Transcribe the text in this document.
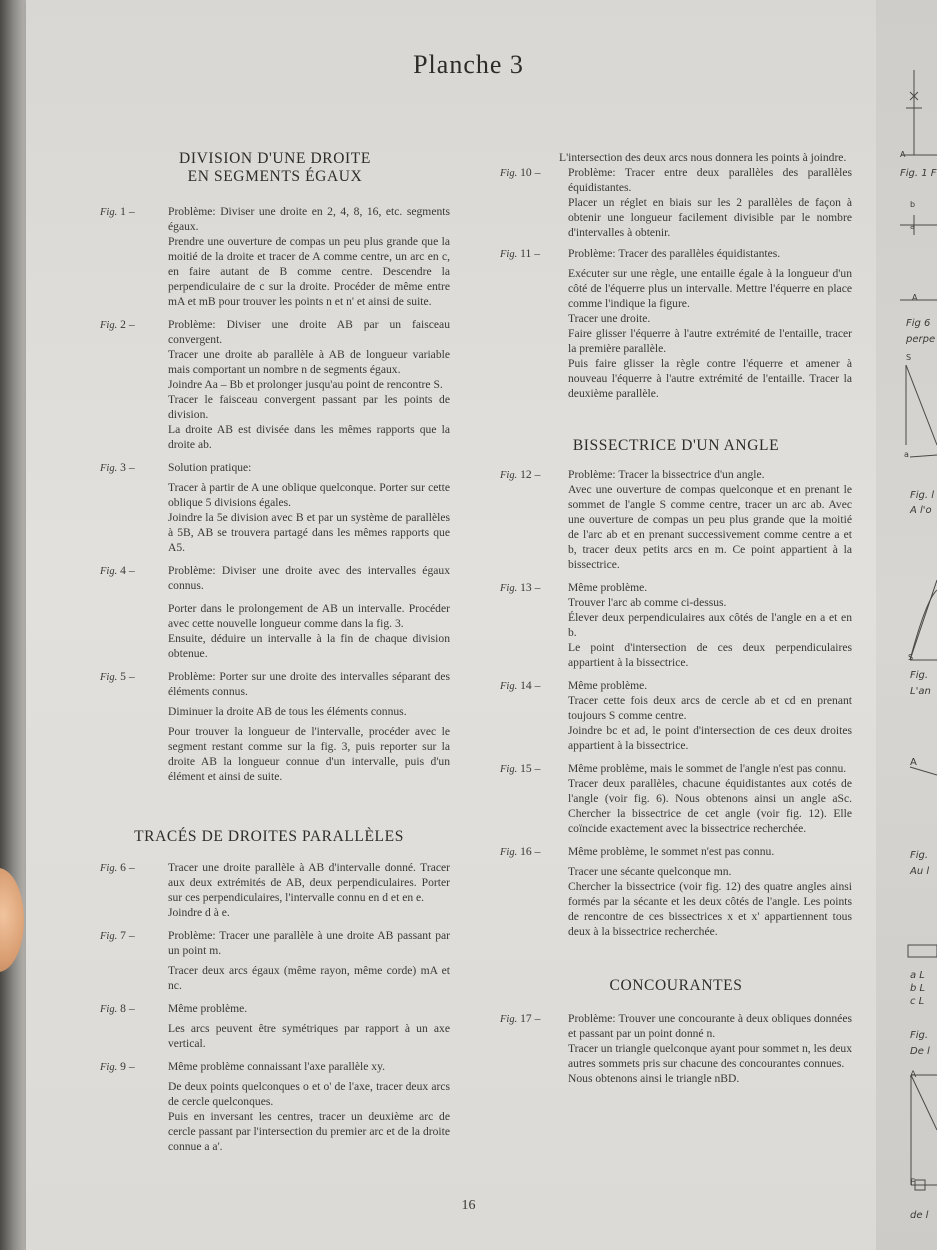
Fig. 1 F
Fig 6
perpe
Fig. l
A l'o
Fig.
L'an
Fig.
Au l
a L
b L
c L
Fig.
De l
de l
A
b
a
A
S
a
S
A
A
F
Planche 3
DIVISION D'UNE DROITE
EN SEGMENTS ÉGAUX
Fig. 1 –	Problème: Diviser une droite en 2, 4, 8, 16, etc. segments égaux.

Prendre une ouverture de compas un peu plus grande que la moitié de la droite et tracer de A comme centre, un arc en c, en faire autant de B comme centre. Descendre la perpendiculaire de c sur la droite. Procéder de même entre mA et mB pour trouver les points n et n' et ainsi de suite.

Fig. 2 –	Problème: Diviser une droite AB par un faisceau convergent.

Tracer une droite ab parallèle à AB de longueur variable mais comportant un nombre n de segments égaux.

Joindre Aa – Bb et prolonger jusqu'au point de rencontre S.

Tracer le faisceau convergent passant par les points de division.

La droite AB est divisée dans les mêmes rapports que la droite ab.

Fig. 3 –	Solution pratique:

Tracer à partir de A une oblique quelconque. Porter sur cette oblique 5 divisions égales.

Joindre la 5e division avec B et par un système de parallèles à 5B, AB se trouvera partagé dans les mêmes rapports que A5.

Fig. 4 –	Problème: Diviser une droite avec des intervalles égaux connus.

Porter dans le prolongement de AB un intervalle. Procéder avec cette nouvelle longueur comme dans la fig. 3.

Ensuite, déduire un intervalle à la fin de chaque division obtenue.

Fig. 5 –	Problème: Porter sur une droite des intervalles séparant des éléments connus.

Diminuer la droite AB de tous les éléments connus.

Pour trouver la longueur de l'intervalle, procéder avec le segment restant comme sur la fig. 3, puis reporter sur la droite AB la longueur connue d'un intervalle, puis d'un élément et ainsi de suite.

TRACÉS DE DROITES PARALLÈLES
Fig. 6 –	Tracer une droite parallèle à AB d'intervalle donné. Tracer aux deux extrémités de AB, deux perpendiculaires. Porter sur ces perpendiculaires, l'intervalle connu en d et en e.

Joindre d à e.

Fig. 7 –	Problème: Tracer une parallèle à une droite AB passant par un point m.

Tracer deux arcs égaux (même rayon, même corde) mA et nc.

Fig. 8 –	Même problème.

Les arcs peuvent être symétriques par rapport à un axe vertical.

Fig. 9 –	Même problème connaissant l'axe parallèle xy.

De deux points quelconques o et o' de l'axe, tracer deux arcs de cercle quelconques.

Puis en inversant les centres, tracer un deuxième arc de cercle passant par l'intersection du premier arc et de la droite connue a a'.

L'intersection des deux arcs nous donnera les points à joindre.

Fig. 10 –	Problème: Tracer entre deux parallèles des parallèles équidistantes.

Placer un réglet en biais sur les 2 parallèles de façon à obtenir une longueur facilement divisible par le nombre d'intervalles à obtenir.

Fig. 11 –	Problème: Tracer des parallèles équidistantes.

Exécuter sur une règle, une entaille égale à la longueur d'un côté de l'équerre plus un intervalle. Mettre l'équerre en place comme l'indique la figure.

Tracer une droite.

Faire glisser l'équerre à l'autre extrémité de l'entaille, tracer la première parallèle.

Puis faire glisser la règle contre l'équerre et amener à nouveau l'équerre à l'autre extrémité de l'entaille. Tracer la deuxième parallèle.

BISSECTRICE D'UN ANGLE
Fig. 12 –	Problème: Tracer la bissectrice d'un angle.

Avec une ouverture de compas quelconque et en prenant le sommet de l'angle S comme centre, tracer un arc ab. Avec une ouverture de compas un peu plus grande que la moitié de l'arc ab et en prenant successivement comme centre a et b, tracer deux petits arcs en m. Ce point appartient à la bissectrice.

Fig. 13 –	Même problème.

Trouver l'arc ab comme ci-dessus.

Élever deux perpendiculaires aux côtés de l'angle en a et en b.

Le point d'intersection de ces deux perpendiculaires appartient à la bissectrice.

Fig. 14 –	Même problème.

Tracer cette fois deux arcs de cercle ab et cd en prenant toujours S comme centre.

Joindre bc et ad, le point d'intersection de ces deux droites appartient à la bissectrice.

Fig. 15 –	Même problème, mais le sommet de l'angle n'est pas connu.

Tracer deux parallèles, chacune équidistantes aux cotés de l'angle (voir fig. 6). Nous obtenons ainsi un angle aSc. Chercher la bissectrice de cet angle (voir fig. 12). Elle coïncide exactement avec la bissectrice recherchée.

Fig. 16 –	Même problème, le sommet n'est pas connu.

Tracer une sécante quelconque mn.

Chercher la bissectrice (voir fig. 12) des quatre angles ainsi formés par la sécante et les deux côtés de l'angle. Les points de rencontre de ces bissectrices x et x' appartiennent tous deux à la bissectrice recherchée.

CONCOURANTES
Fig. 17 –	Problème: Trouver une concourante à deux obliques données et passant par un point donné n.

Tracer un triangle quelconque ayant pour sommet n, les deux autres sommets pris sur chacune des concourantes connues.

Nous obtenons ainsi le triangle nBD.

16
